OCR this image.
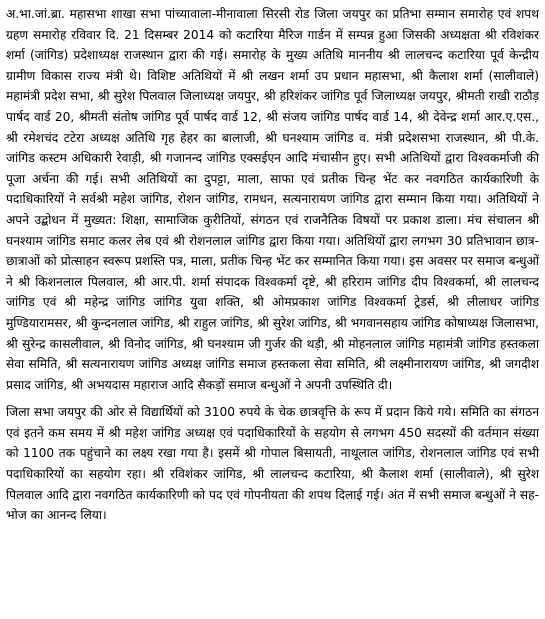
अ.भा.जां.ब्रा. महासभा शाखा सभा पांच्यावाला-मीनावाला सिरसी रोड जिला जयपुर का प्रतिभा सम्मान समारोह एवं शपथ ग्रहण समारोह रविवार दि. 21 दिसम्बर 2014 को कटारिया मैरिज गार्डन में सम्पन्न हुआ जिसकी अध्यक्षता श्री रविशंकर शर्मा (जांगिड) प्रदेशाध्यक्ष राजस्थान द्वारा की गई। समारोह के मुख्य अतिथि माननीय श्री लालचन्द कटारिया पूर्व केन्द्रीय ग्रामीण विकास राज्य मंत्री थे। विशिष्ट अतिथियों में श्री लखन शर्मा उप प्रधान महासभा, श्री कैलाश शर्मा (सालीवाले) महामंत्री प्रदेश सभा, श्री सुरेश पिलवाल जिलाध्यक्ष जयपुर, श्री हरिशंकर जांगिड पूर्व जिलाध्यक्ष जयपुर, श्रीमती राखी राठौड़ पार्षद वार्ड 20, श्रीमती संतोष जांगिड पूर्व पार्षद वार्ड 12, श्री संजय जांगिड पार्षद वार्ड 14, श्री देवेन्द्र शर्मा आर.ए.एस., श्री रमेशचंद टटेरा अध्यक्ष अतिथि गृह हेहर का बालाजी, श्री घनश्याम जांगिड व. मंत्री प्रदेशसभा राजस्थान, श्री पी.के. जांगिड कस्टम अधिकारी रेवाड़ी, श्री गजानन्द जांगिड एक्सईएन आदि मंचासीन हुए। सभी अतिथियों द्वारा विश्वकर्माजी की पूजा अर्चना की गई। सभी अतिथियों का दुपट्टा, माला, साफा एवं प्रतीक चिन्ह भेंट कर नवगठित कार्यकारिणी के पदाधिकारियों ने सर्वश्री महेश जांगिड, रोशन जांगिड, रामधन, सत्यनारायण जांगिड द्वारा सम्मान किया गया। अतिथियों ने अपने उद्बोधन में मुख्यत: शिक्षा, सामाजिक कुरीतियों, संगठन एवं राजनैतिक विषयों पर प्रकाश डाला। मंच संचालन श्री घनश्याम जांगिड समाट कलर लेब एवं श्री रोशनलाल जांगिड द्वारा किया गया। अतिथियों द्वारा लगभग 30 प्रतिभावान छात्र-छात्राओं को प्रोत्साहन स्वरूप प्रशस्ति पत्र, माला, प्रतीक चिन्ह भेंट कर सम्मानित किया गया। इस अवसर पर समाज बन्धुओं ने श्री किशनलाल पिलवाल, श्री आर.पी. शर्मा संपादक विश्वकर्मा दृष्टे, श्री हरिराम जांगिड दीप विश्वकर्मा, श्री लालचन्द जांगिड एवं श्री महेन्द्र जांगिड जांगिड युवा शक्ति, श्री ओमप्रकाश जांगिड विश्वकर्मा ट्रेडर्स, श्री लीलाधर जांगिड मुण्डियारामसर, श्री कुन्दनलाल जांगिड, श्री राहुल जांगिड, श्री सुरेश जांगिड, श्री भगवानसहाय जांगिड कोषाध्यक्ष जिलासभा, श्री सुरेन्द्र कासलीवाल, श्री विनोद जांगिड, श्री घनश्याम जी गुर्जर की थड़ी, श्री मोहनलाल जांगिड महामंत्री जांगिड हस्तकला सेवा समिति, श्री सत्यनारायण जांगिड अध्यक्ष जांगिड समाज हस्तकला सेवा समिति, श्री लक्ष्मीनारायण जांगिड, श्री जगदीश प्रसाद जांगिड, श्री अभयदास महाराज आदि सैकड़ों समाज बन्धुओं ने अपनी उपस्थिति दी।

जिला सभा जयपुर की ओर से विद्यार्थियों को 3100 रुपये के चेक छात्रवृत्ति के रूप में प्रदान किये गये। समिति का संगठन एवं इतने कम समय में श्री महेश जांगिड अध्यक्ष एवं पदाधिकारियों के सहयोग से लगभग 450 सदस्यों की वर्तमान संख्या को 1100 तक पहुंचाने का लक्ष्य रखा गया है। इसमें श्री गोपाल बिसायती, नाथूलाल जांगिड, रोशनलाल जांगिड एवं सभी पदाधिकारियों का सहयोग रहा। श्री रविशंकर जांगिड, श्री लालचन्द कटारिया, श्री कैलाश शर्मा (सालीवाले), श्री सुरेश पिलवाल आदि द्वारा नवगठित कार्यकारिणी को पद एवं गोपनीयता की शपथ दिलाई गई। अंत में सभी समाज बन्धुओं ने सह-भोज का आनन्द लिया।
